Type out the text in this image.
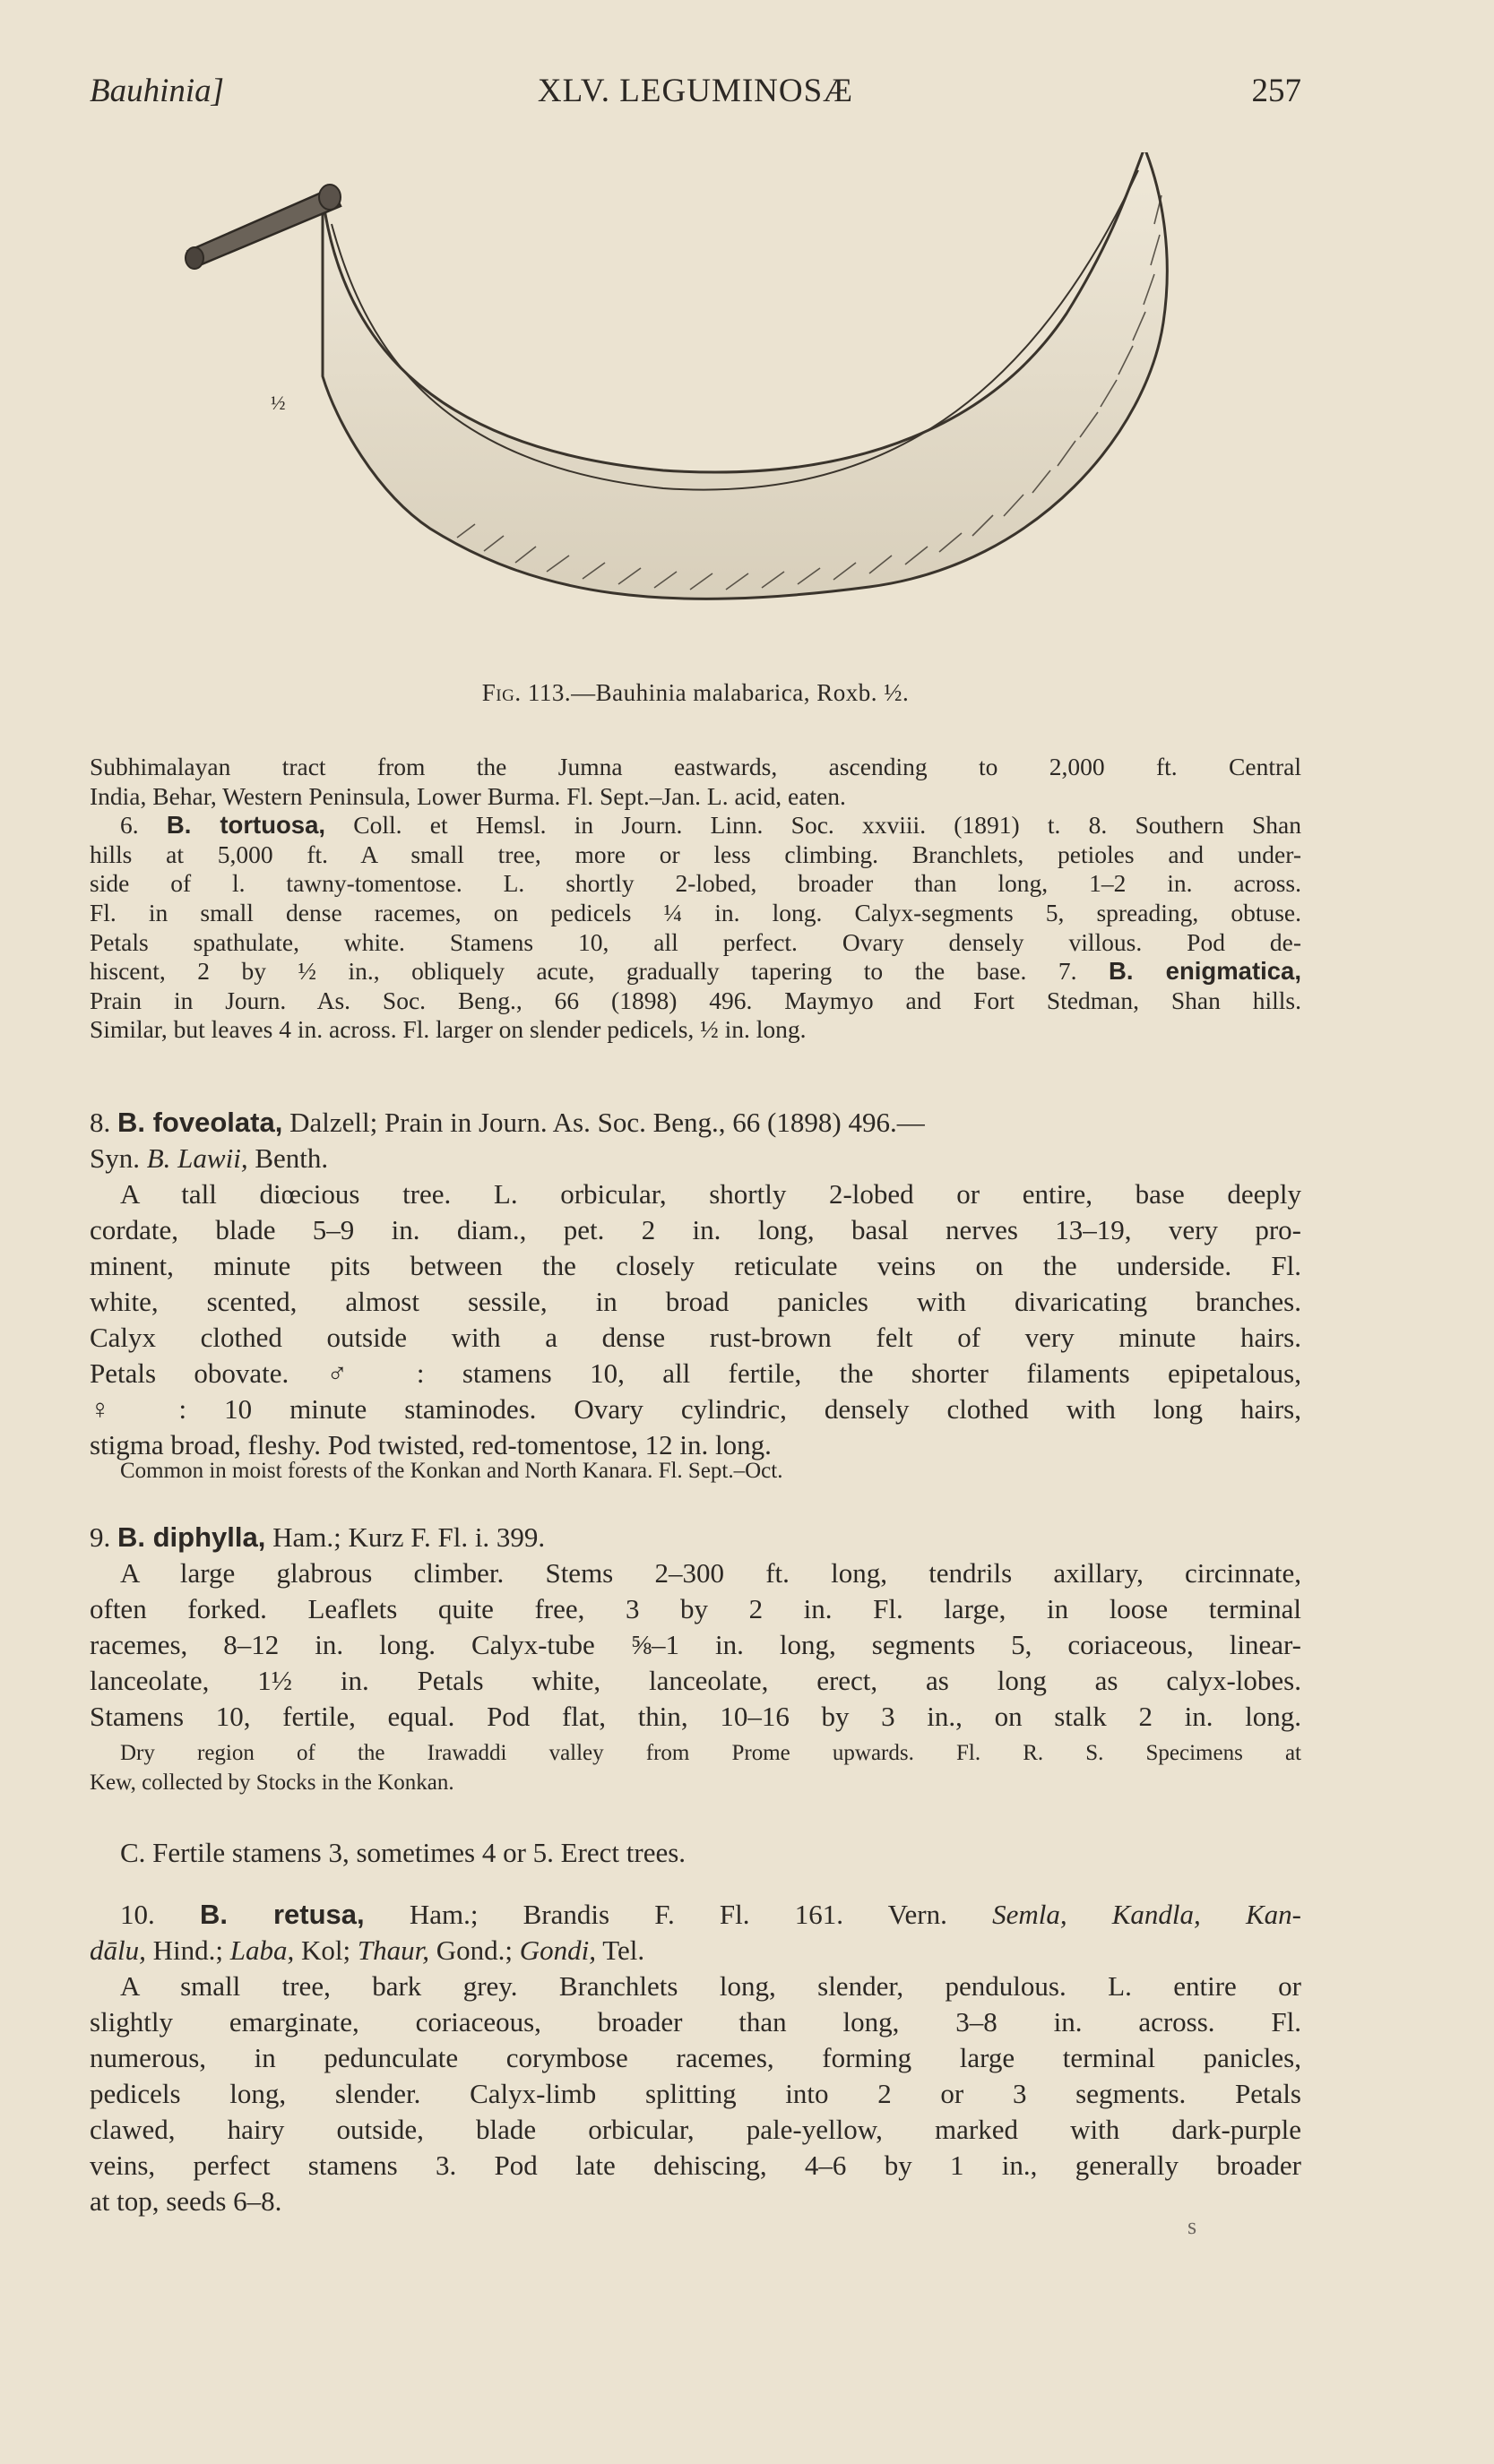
Bauhinia]	XLV. LEGUMINOSÆ	257
½
Fig. 113.—Bauhinia malabarica, Roxb. ½.
Subhimalayan tract from the Jumna eastwards, ascending to 2,000 ft. Central
India, Behar, Western Peninsula, Lower Burma. Fl. Sept.–Jan. L. acid, eaten.
6. B. tortuosa, Coll. et Hemsl. in Journ. Linn. Soc. xxviii. (1891) t. 8. Southern Shan
hills at 5,000 ft. A small tree, more or less climbing. Branchlets, petioles and under-
side of l. tawny-tomentose. L. shortly 2-lobed, broader than long, 1–2 in. across.
Fl. in small dense racemes, on pedicels ¼ in. long. Calyx-segments 5, spreading, obtuse.
Petals spathulate, white. Stamens 10, all perfect. Ovary densely villous. Pod de-
hiscent, 2 by ½ in., obliquely acute, gradually tapering to the base. 7. B. enigmatica,
Prain in Journ. As. Soc. Beng., 66 (1898) 496. Maymyo and Fort Stedman, Shan hills.
Similar, but leaves 4 in. across. Fl. larger on slender pedicels, ½ in. long.
8. B. foveolata, Dalzell; Prain in Journ. As. Soc. Beng., 66 (1898) 496.—
Syn. B. Lawii, Benth.
A tall diœcious tree. L. orbicular, shortly 2-lobed or entire, base deeply
cordate, blade 5–9 in. diam., pet. 2 in. long, basal nerves 13–19, very pro-
minent, minute pits between the closely reticulate veins on the underside. Fl.
white, scented, almost sessile, in broad panicles with divaricating branches.
Calyx clothed outside with a dense rust-brown felt of very minute hairs.
Petals obovate. ♂ : stamens 10, all fertile, the shorter filaments epipetalous,
♀ : 10 minute staminodes. Ovary cylindric, densely clothed with long hairs,
stigma broad, fleshy. Pod twisted, red-tomentose, 12 in. long.
Common in moist forests of the Konkan and North Kanara. Fl. Sept.–Oct.
9. B. diphylla, Ham.; Kurz F. Fl. i. 399.
A large glabrous climber. Stems 2–300 ft. long, tendrils axillary, circinnate,
often forked. Leaflets quite free, 3 by 2 in. Fl. large, in loose terminal
racemes, 8–12 in. long. Calyx-tube ⅝–1 in. long, segments 5, coriaceous, linear-
lanceolate, 1½ in. Petals white, lanceolate, erect, as long as calyx-lobes.
Stamens 10, fertile, equal. Pod flat, thin, 10–16 by 3 in., on stalk 2 in. long.
Dry region of the Irawaddi valley from Prome upwards. Fl. R. S. Specimens at
Kew, collected by Stocks in the Konkan.
C. Fertile stamens 3, sometimes 4 or 5. Erect trees.
10. B. retusa, Ham.; Brandis F. Fl. 161. Vern. Semla, Kandla, Kan-
dālu, Hind.; Laba, Kol; Thaur, Gond.; Gondi, Tel.
A small tree, bark grey. Branchlets long, slender, pendulous. L. entire or
slightly emarginate, coriaceous, broader than long, 3–8 in. across. Fl.
numerous, in pedunculate corymbose racemes, forming large terminal panicles,
pedicels long, slender. Calyx-limb splitting into 2 or 3 segments. Petals
clawed, hairy outside, blade orbicular, pale-yellow, marked with dark-purple
veins, perfect stamens 3. Pod late dehiscing, 4–6 by 1 in., generally broader
at top, seeds 6–8.
s
